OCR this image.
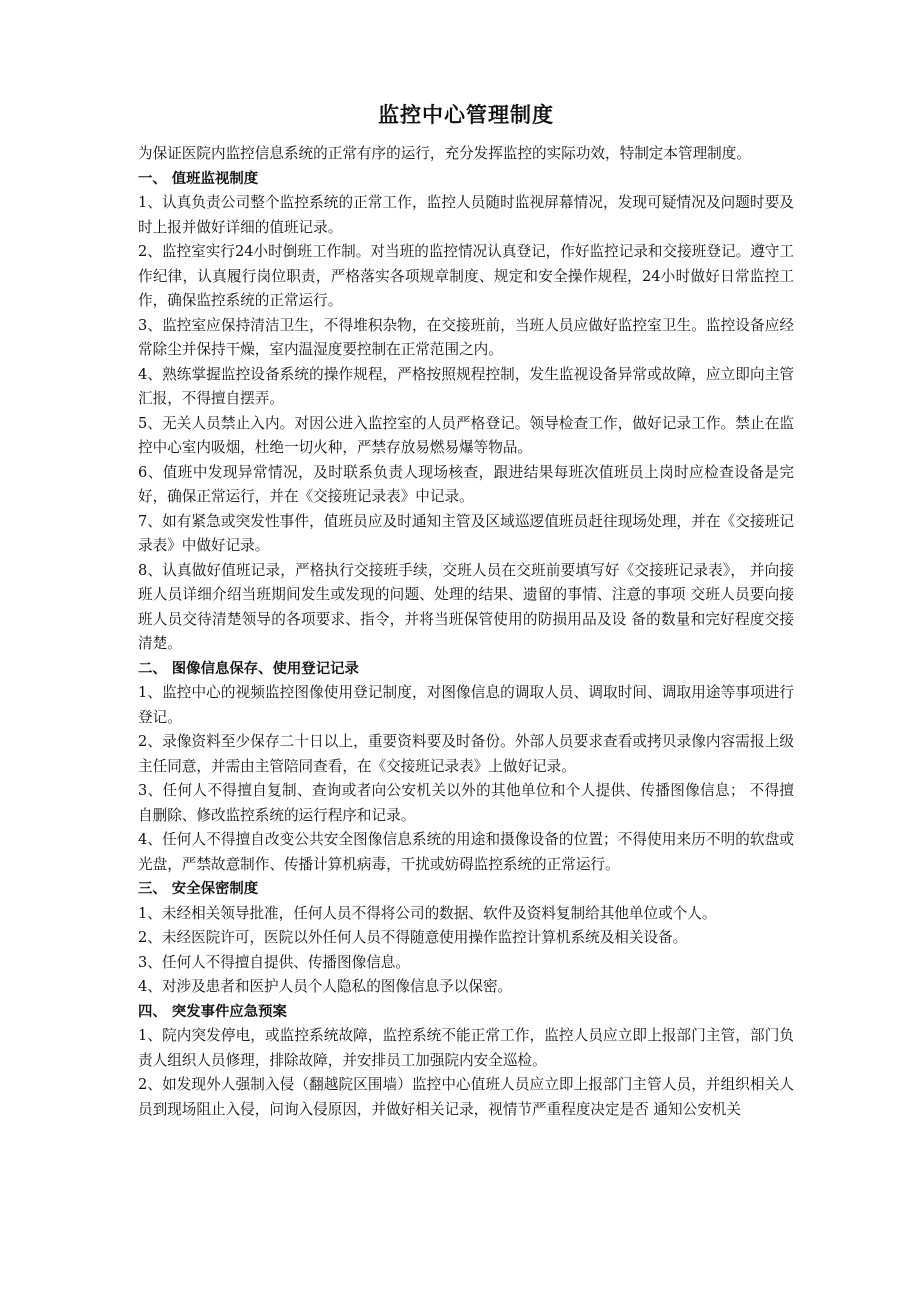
监控中心管理制度

为保证医院内监控信息系统的正常有序的运行，充分发挥监控的实际功效，特制定本管理制度。

一、 值班监视制度

1、认真负责公司整个监控系统的正常工作，监控人员随时监视屏幕情况，发现可疑情况及问题时要及时上报并做好详细的值班记录。

2、监控室实行24小时倒班工作制。对当班的监控情况认真登记，作好监控记录和交接班登记。遵守工作纪律，认真履行岗位职责，严格落实各项规章制度、规定和安全操作规程，24小时做好日常监控工作，确保监控系统的正常运行。

3、监控室应保持清洁卫生，不得堆积杂物，在交接班前，当班人员应做好监控室卫生。监控设备应经常除尘并保持干燥，室内温湿度要控制在正常范围之内。

4、熟练掌握监控设备系统的操作规程，严格按照规程控制，发生监视设备异常或故障，应立即向主管汇报，不得擅自摆弄。

5、无关人员禁止入内。对因公进入监控室的人员严格登记。领导检查工作，做好记录工作。禁止在监控中心室内吸烟，杜绝一切火种，严禁存放易燃易爆等物品。

6、值班中发现异常情况，及时联系负责人现场核查，跟进结果每班次值班员上岗时应检查设备是完好，确保正常运行，并在《交接班记录表》中记录。

7、如有紧急或突发性事件，值班员应及时通知主管及区域巡逻值班员赶往现场处理，并在《交接班记录表》中做好记录。

8、认真做好值班记录，严格执行交接班手续，交班人员在交班前要填写好《交接班记录表》， 并向接班人员详细介绍当班期间发生或发现的问题、处理的结果、遗留的事情、注意的事项 交班人员要向接班人员交待清楚领导的各项要求、指令，并将当班保管使用的防损用品及设 备的数量和完好程度交接清楚。

二、 图像信息保存、使用登记记录

1、监控中心的视频监控图像使用登记制度，对图像信息的调取人员、调取时间、调取用途等事项进行登记。

2、录像资料至少保存二十日以上，重要资料要及时备份。外部人员要求查看或拷贝录像内容需报上级主任同意，并需由主管陪同查看，在《交接班记录表》上做好记录。

3、任何人不得擅自复制、查询或者向公安机关以外的其他单位和个人提供、传播图像信息； 不得擅自删除、修改监控系统的运行程序和记录。

4、任何人不得擅自改变公共安全图像信息系统的用途和摄像设备的位置；不得使用来历不明的软盘或光盘，严禁故意制作、传播计算机病毒，干扰或妨碍监控系统的正常运行。

三、 安全保密制度

1、未经相关领导批准，任何人员不得将公司的数据、软件及资料复制给其他单位或个人。

2、未经医院许可，医院以外任何人员不得随意使用操作监控计算机系统及相关设备。

3、任何人不得擅自提供、传播图像信息。

4、对涉及患者和医护人员个人隐私的图像信息予以保密。

四、 突发事件应急预案

1、院内突发停电，或监控系统故障，监控系统不能正常工作，监控人员应立即上报部门主管，部门负责人组织人员修理，排除故障，并安排员工加强院内安全巡检。

2、如发现外人强制入侵（翻越院区围墙）监控中心值班人员应立即上报部门主管人员，并组织相关人员到现场阻止入侵，问询入侵原因，并做好相关记录，视情节严重程度决定是否 通知公安机关
